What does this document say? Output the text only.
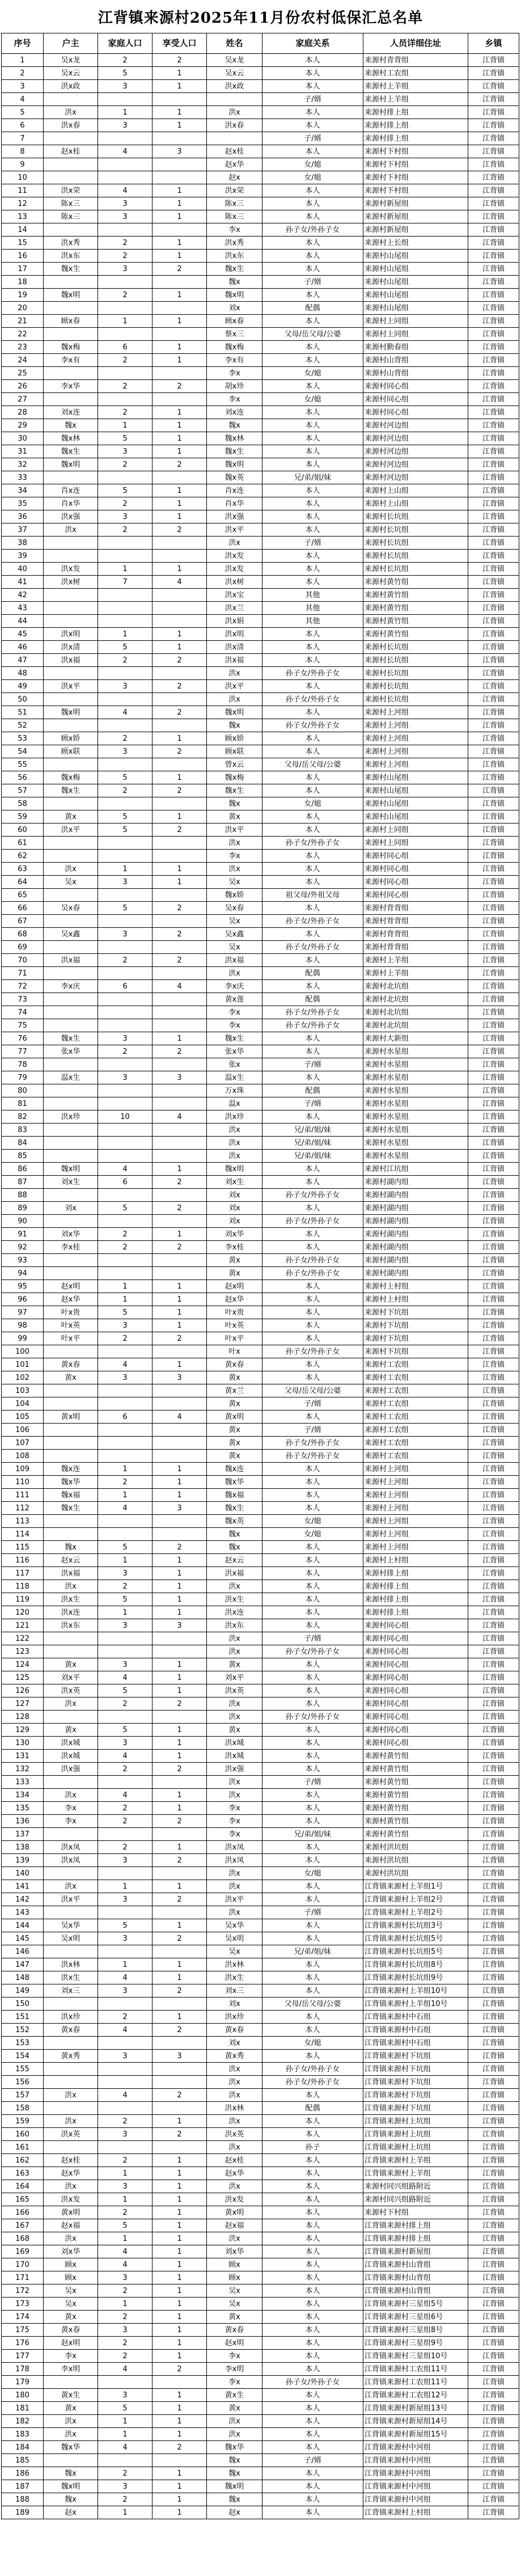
江背镇来源村2025年11月份农村低保汇总名单
序号	户主	家庭人口	享受人口	姓名	家庭关系	人员详细住址	乡镇
1	吴x龙	2	2	吴x龙	本人	来源村青背组	江背镇
2	吴x云	5	1	吴x云	本人	来源村工农组	江背镇
3	洪x政	3	1	洪x政	本人	来源村上羊组	江背镇
4					子/婿	来源村上羊组	江背镇
5	洪x	1	1	洪x	本人	来源村排上组	江背镇
6	洪x春	3	1	洪x春	本人	来源村排上组	江背镇
7					子/婿	来源村排上组	江背镇
8	赵x桂	4	3	赵x桂	本人	来源村下村组	江背镇
9				赵x华	女/媳	来源村下村组	江背镇
10				赵x	女/媳	来源村下村组	江背镇
11	洪x荣	4	1	洪x荣	本人	来源村下村组	江背镇
12	陈x三	3	1	陈x三	本人	来源村新屋组	江背镇
13	陈x三	3	1	陈x三	本人	来源村新屋组	江背镇
14				李x	孙子女/外孙子女	来源村新屋组	江背镇
15	洪x秀	2	1	洪x秀	本人	来源村上长组	江背镇
16	洪x东	2	1	洪x东	本人	来源村山尾组	江背镇
17	魏x生	3	2	魏x生	本人	来源村山尾组	江背镇
18				魏x	子/婿	来源村山尾组	江背镇
19	魏x明	2	1	魏x明	本人	来源村山尾组	江背镇
20				刘x	配偶	来源村山尾组	江背镇
21	顾x春	1	1	顾x春	本人	来源村上同组	江背镇
22				蔡x三	父母/岳父母/公婆	来源村上同组	江背镇
23	魏x梅	6	1	魏x梅	本人	来源村勤春组	江背镇
24	李x有	2	1	李x有	本人	来源村山背组	江背镇
25				李x	女/媳	来源村山背组	江背镇
26	李x华	2	2	胡x珍	本人	来源村同心组	江背镇
27				李x	女/媳	来源村同心组	江背镇
28	刘x连	2	1	刘x连	本人	来源村同心组	江背镇
29	魏x	1	1	魏x	本人	来源村河边组	江背镇
30	魏x林	5	1	魏x林	本人	来源村河边组	江背镇
31	魏x生	3	1	魏x生	本人	来源村河边组	江背镇
32	魏x明	2	2	魏x明	本人	来源村河边组	江背镇
33				魏x英	兄/弟/姐/妹	来源村河边组	江背镇
34	肖x连	5	1	肖x连	本人	来源村上山组	江背镇
35	肖x华	2	1	肖x华	本人	来源村上山组	江背镇
36	洪x强	3	1	洪x强	本人	来源村长坑组	江背镇
37	洪x	2	2	洪x平	本人	来源村长坑组	江背镇
38				洪x	子/婿	来源村长坑组	江背镇
39				洪x发	本人	来源村长坑组	江背镇
40	洪x发	1	1	洪x发	本人	来源村长坑组	江背镇
41	洪x树	7	4	洪x树	本人	来源村黄竹组	江背镇
42				洪x宝	其他	来源村黄竹组	江背镇
43				洪x兰	其他	来源村黄竹组	江背镇
44				洪x娟	其他	来源村黄竹组	江背镇
45	洪x明	1	1	洪x明	本人	来源村黄竹组	江背镇
46	洪x清	5	1	洪x清	本人	来源村长坑组	江背镇
47	洪x福	2	2	洪x福	本人	来源村长坑组	江背镇
48				洪x	孙子女/外孙子女	来源村长坑组	江背镇
49	洪x平	3	2	洪x平	本人	来源村长坑组	江背镇
50				洪x	孙子女/外孙子女	来源村长坑组	江背镇
51	魏x明	4	2	魏x明	本人	来源村上河组	江背镇
52				魏x	孙子女/外孙子女	来源村上河组	江背镇
53	顾x娇	2	1	顾x娇	本人	来源村上河组	江背镇
54	顾x联	3	2	顾x联	本人	来源村上河组	江背镇
55				曾x云	父母/岳父母/公婆	来源村上河组	江背镇
56	魏x梅	5	1	魏x梅	本人	来源村山尾组	江背镇
57	魏x生	2	2	魏x生	本人	来源村山尾组	江背镇
58				魏x	女/媳	来源村山尾组	江背镇
59	黄x	5	1	黄x	本人	来源村山尾组	江背镇
60	洪x平	5	2	洪x平	本人	来源村上同组	江背镇
61				洪x	孙子女/外孙子女	来源村上同组	江背镇
62				李x	本人	来源村同心组	江背镇
63	洪x	1	1	洪x	本人	来源村同心组	江背镇
64	吴x	3	1	吴x	本人	来源村同心组	江背镇
65				魏x娇	祖父母/外祖父母	来源村同心组	江背镇
66	吴x春	5	2	吴x春	本人	来源村背背组	江背镇
67				吴x	孙子女/外孙子女	来源村背背组	江背镇
68	吴x鑫	3	2	吴x鑫	本人	来源村背背组	江背镇
69				吴x	孙子女/外孙子女	来源村背背组	江背镇
70	洪x福	2	2	洪x福	本人	来源村上羊组	江背镇
71				洪x	配偶	来源村上羊组	江背镇
72	李x庆	6	4	李x庆	本人	来源村北坑组	江背镇
73				黄x莲	配偶	来源村北坑组	江背镇
74				李x	孙子女/外孙子女	来源村北坑组	江背镇
75				李x	孙子女/外孙子女	来源村北坑组	江背镇
76	魏x生	3	1	魏x生	本人	来源村大新组	江背镇
77	张x华	2	2	张x华	本人	来源村水星组	江背镇
78				张x	子/婿	来源村水星组	江背镇
79	温x生	3	3	温x生	本人	来源村水星组	江背镇
80				万x珠	配偶	来源村水星组	江背镇
81				温x	子/婿	来源村水星组	江背镇
82	洪x珍	10	4	洪x珍	本人	来源村水星组	江背镇
83				洪x	兄/弟/姐/妹	来源村水星组	江背镇
84				洪x	兄/弟/姐/妹	来源村水星组	江背镇
85				洪x	兄/弟/姐/妹	来源村水星组	江背镇
86	魏x明	4	1	魏x明	本人	来源村江坑组	江背镇
87	刘x生	6	2	刘x生	本人	来源村湖内组	江背镇
88				刘x	孙子女/外孙子女	来源村湖内组	江背镇
89	刘x	5	2	刘x	本人	来源村湖内组	江背镇
90				刘x	孙子女/外孙子女	来源村湖内组	江背镇
91	刘x华	2	1	刘x华	本人	来源村湖内组	江背镇
92	李x桂	2	2	李x桂	本人	来源村湖内组	江背镇
93				黄x	孙子女/外孙子女	来源村湖内组	江背镇
94				黄x	孙子女/外孙子女	来源村湖内组	江背镇
95	赵x明	1	1	赵x明	本人	来源村上村组	江背镇
96	赵x华	1	1	赵x华	本人	来源村上村组	江背镇
97	叶x贵	5	1	叶x贵	本人	来源村下坑组	江背镇
98	叶x英	3	1	叶x英	本人	来源村下坑组	江背镇
99	叶x平	2	2	叶x平	本人	来源村下坑组	江背镇
100				叶x	孙子女/外孙子女	来源村下坑组	江背镇
101	黄x春	4	1	黄x春	本人	来源村工农组	江背镇
102	黄x	3	3	黄x	本人	来源村工农组	江背镇
103				黄x兰	父母/岳父母/公婆	来源村工农组	江背镇
104				黄x	子/婿	来源村工农组	江背镇
105	黄x明	6	4	黄x明	本人	来源村工农组	江背镇
106				黄x	子/婿	来源村工农组	江背镇
107				黄x	孙子女/外孙子女	来源村工农组	江背镇
108				黄x	孙子女/外孙子女	来源村工农组	江背镇
109	魏x连	1	1	魏x连	本人	来源村上河组	江背镇
110	魏x华	2	1	魏x华	本人	来源村上河组	江背镇
111	魏x福	1	1	魏x福	本人	来源村上河组	江背镇
112	魏x生	4	3	魏x生	本人	来源村上河组	江背镇
113				魏x英	女/媳	来源村上河组	江背镇
114				魏x	女/媳	来源村上河组	江背镇
115	魏x	5	2	魏x	本人	来源村上河组	江背镇
116	赵x云	1	1	赵x云	本人	来源村上村组	江背镇
117	洪x福	3	1	洪x福	本人	来源村排上组	江背镇
118	洪x	2	1	洪x	本人	来源村排上组	江背镇
119	洪x生	5	1	洪x生	本人	来源村排上组	江背镇
120	洪x连	1	1	洪x连	本人	来源村排上组	江背镇
121	洪x东	3	3	洪x东	本人	来源村同心组	江背镇
122				洪x	子/婿	来源村同心组	江背镇
123				洪x	孙子女/外孙子女	来源村同心组	江背镇
124	黄x	3	1	黄x	本人	来源村同心组	江背镇
125	刘x平	4	1	刘x平	本人	来源村同心组	江背镇
126	洪x英	5	1	洪x英	本人	来源村同心组	江背镇
127	洪x	2	2	洪x	本人	来源村同心组	江背镇
128				洪x	孙子女/外孙子女	来源村同心组	江背镇
129	黄x	5	1	黄x	本人	来源村同心组	江背镇
130	洪x城	3	1	洪x城	本人	来源村同心组	江背镇
131	洪x城	4	1	洪x城	本人	来源村黄竹组	江背镇
132	洪x强	2	2	洪x强	本人	来源村黄竹组	江背镇
133				洪x	子/婿	来源村黄竹组	江背镇
134	洪x	4	1	洪x	本人	来源村黄竹组	江背镇
135	李x	2	1	李x	本人	来源村黄竹组	江背镇
136	李x	2	2	李x	本人	来源村黄竹组	江背镇
137				李x	兄/弟/姐/妹	来源村黄竹组	江背镇
138	洪x凤	2	1	洪x凤	本人	来源村洪坑组	江背镇
139	洪x凤	3	2	洪x凤	本人	来源村洪坑组	江背镇
140				洪x	女/媳	来源村洪坑组	江背镇
141	洪x	1	1	洪x	本人	江背镇来源村上羊组1号	江背镇
142	洪x平	3	2	洪x平	本人	江背镇来源村上羊组2号	江背镇
143				洪x	子/婿	江背镇来源村上羊组2号	江背镇
144	吴x华	5	1	吴x华	本人	江背镇来源村长坑组3号	江背镇
145	吴x明	3	2	吴x明	本人	江背镇来源村长坑组5号	江背镇
146				吴x	兄/弟/姐/妹	江背镇来源村长坑组5号	江背镇
147	洪x林	1	1	洪x林	本人	江背镇来源村长坑组8号	江背镇
148	洪x生	4	1	洪x生	本人	江背镇来源村长坑组9号	江背镇
149	刘x三	3	2	刘x三	本人	江背镇来源村上羊组10号	江背镇
150				刘x	父母/岳父母/公婆	江背镇来源村上羊组10号	江背镇
151	洪x珍	2	1	洪x珍	本人	江背镇来源村中石组	江背镇
152	黄x春	4	2	黄x春	本人	江背镇来源村中石组	江背镇
153				刘x	女/媳	江背镇来源村中石组	江背镇
154	黄x秀	3	3	黄x秀	本人	江背镇来源村下坑组	江背镇
155				洪x	孙子女/外孙子女	江背镇来源村下坑组	江背镇
156				洪x	孙子女/外孙子女	江背镇来源村下坑组	江背镇
157	洪x	4	2	洪x	本人	江背镇来源村下坑组	江背镇
158				洪x林	配偶	江背镇来源村下坑组	江背镇
159	洪x	2	1	洪x	本人	江背镇来源村上坑组	江背镇
160	洪x英	3	2	洪x英	本人	江背镇来源村上坑组	江背镇
161				洪x	孙子	江背镇来源村上坑组	江背镇
162	赵x桂	2	1	赵x桂	本人	江背镇来源村上羊组	江背镇
163	赵x华	1	1	赵x华	本人	江背镇来源村上羊组	江背镇
164	洪x	3	1	洪x	本人	来源村同兴组路附近	江背镇
165	洪x发	1	1	洪x发	本人	来源村同兴组路附近	江背镇
166	黄x明	2	1	黄x明	本人	来源村下村组	江背镇
167	赵x福	5	1	赵x福	本人	江背镇来源村排上组	江背镇
168	洪x	1	1	洪x	本人	江背镇来源村排上组	江背镇
169	刘x华	4	1	刘x华	本人	江背镇来源村新屋组	江背镇
170	顾x	4	1	顾x	本人	江背镇来源村山背组	江背镇
171	顾x	3	1	顾x	本人	江背镇来源村山背组	江背镇
172	吴x	2	1	吴x	本人	江背镇来源村山背组	江背镇
173	吴x	1	1	吴x	本人	江背镇来源村三星组5号	江背镇
174	黄x	2	1	黄x	本人	江背镇来源村三星组6号	江背镇
175	黄x春	3	1	黄x春	本人	江背镇来源村三星组8号	江背镇
176	赵x明	2	1	赵x明	本人	江背镇来源村三星组9号	江背镇
177	李x	2	1	李x	本人	江背镇来源村三星组10号	江背镇
178	李x明	4	2	李x明	本人	江背镇来源村工农组11号	江背镇
179				李x	孙子女/外孙子女	江背镇来源村工农组11号	江背镇
180	黄x生	3	1	黄x生	本人	江背镇来源村工农组12号	江背镇
181	黄x	5	1	黄x	本人	江背镇来源村新屋组13号	江背镇
182	洪x	1	1	洪x	本人	江背镇来源村新屋组14号	江背镇
183	洪x	1	1	洪x	本人	江背镇来源村新屋组15号	江背镇
184	魏x华	4	2	魏x华	本人	江背镇来源村中河组	江背镇
185				魏x	子/婿	江背镇来源村中河组	江背镇
186	魏x	2	1	魏x	本人	江背镇来源村中河组	江背镇
187	魏x明	3	1	魏x明	本人	江背镇来源村中河组	江背镇
188	魏x	2	1	魏x	本人	江背镇来源村中河组	江背镇
189	赵x	1	1	赵x	本人	江背镇来源村上村组	江背镇
